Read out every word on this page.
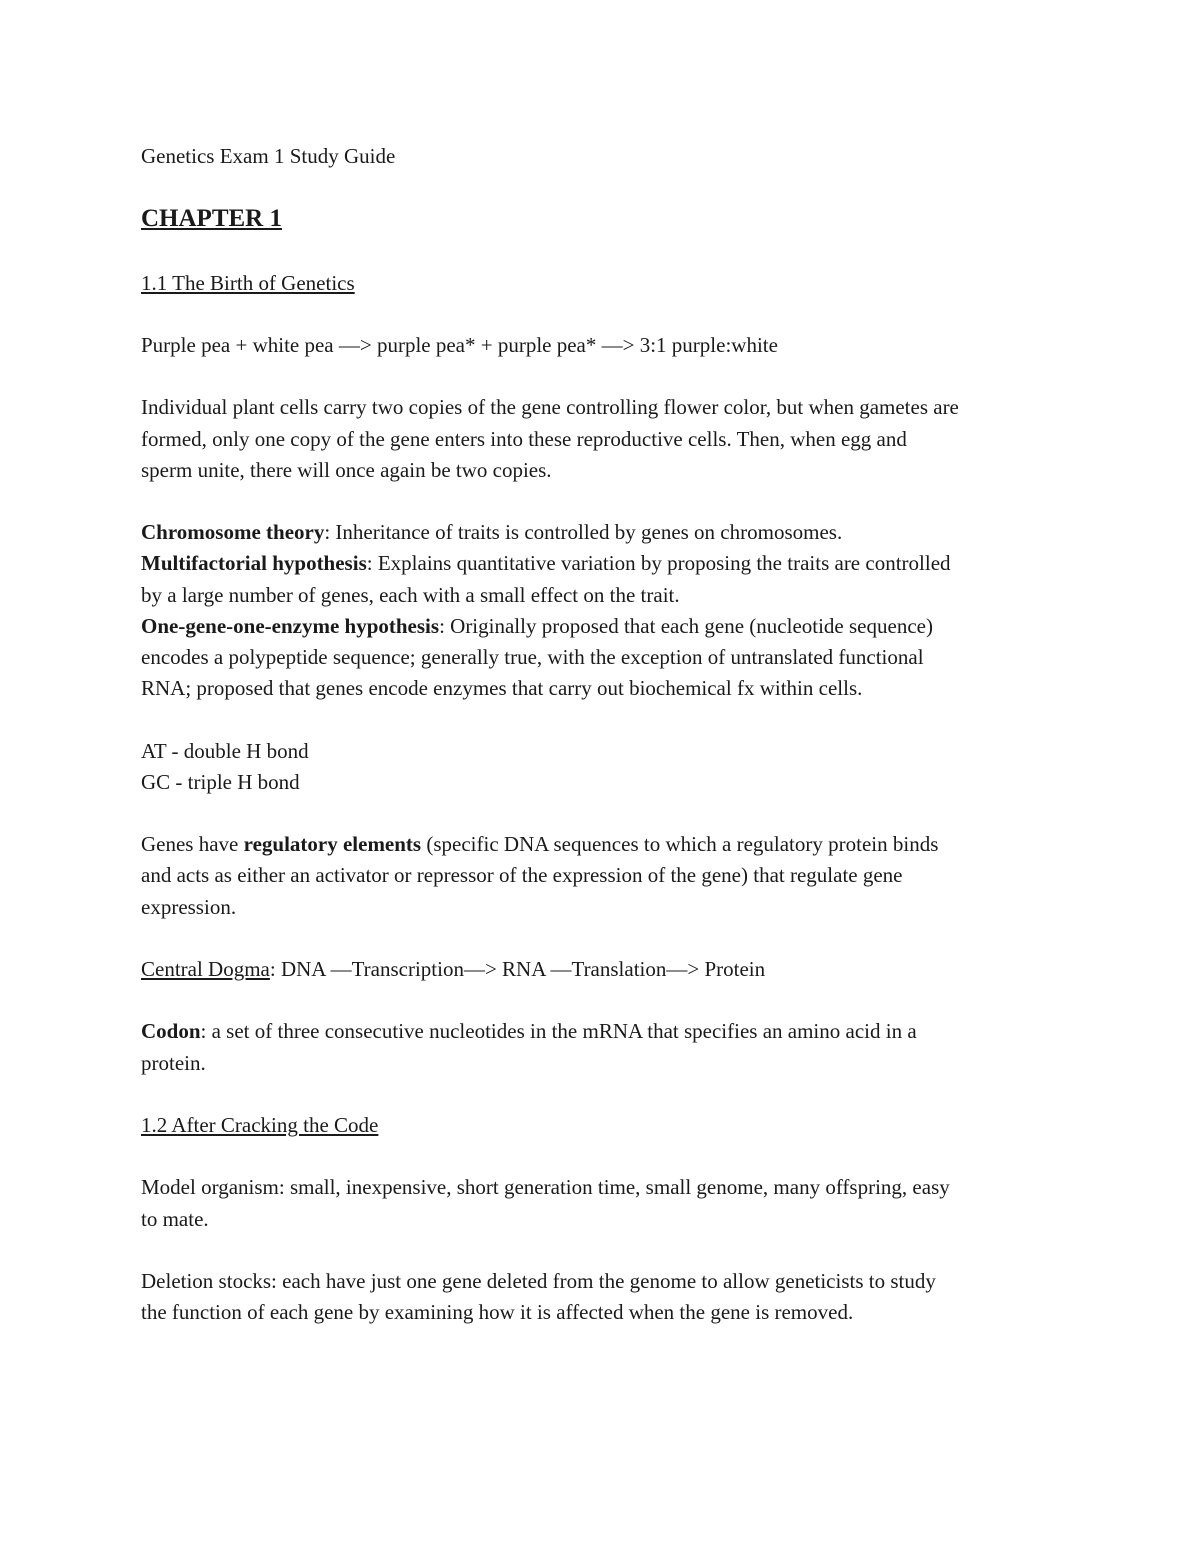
Genetics Exam 1 Study Guide
CHAPTER 1
1.1 The Birth of Genetics
Purple pea + white pea —> purple pea* + purple pea* —> 3:1 purple:white
Individual plant cells carry two copies of the gene controlling flower color, but when gametes are
formed, only one copy of the gene enters into these reproductive cells. Then, when egg and
sperm unite, there will once again be two copies.
Chromosome theory: Inheritance of traits is controlled by genes on chromosomes.
Multifactorial hypothesis: Explains quantitative variation by proposing the traits are controlled
by a large number of genes, each with a small effect on the trait.
One-gene-one-enzyme hypothesis: Originally proposed that each gene (nucleotide sequence)
encodes a polypeptide sequence; generally true, with the exception of untranslated functional
RNA; proposed that genes encode enzymes that carry out biochemical fx within cells.
AT - double H bond
GC - triple H bond
Genes have regulatory elements (specific DNA sequences to which a regulatory protein binds
and acts as either an activator or repressor of the expression of the gene) that regulate gene
expression.
Central Dogma: DNA —Transcription—> RNA —Translation—> Protein
Codon: a set of three consecutive nucleotides in the mRNA that specifies an amino acid in a
protein.
1.2 After Cracking the Code
Model organism: small, inexpensive, short generation time, small genome, many offspring, easy
to mate.
Deletion stocks: each have just one gene deleted from the genome to allow geneticists to study
the function of each gene by examining how it is affected when the gene is removed.
